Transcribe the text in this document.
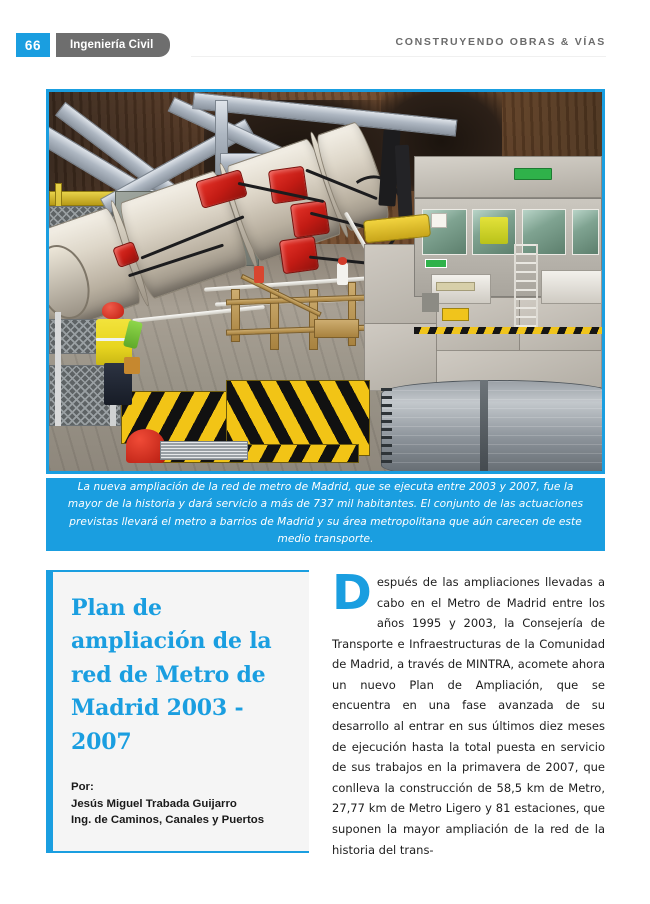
66	Ingeniería Civil	CONSTRUYENDO OBRAS & VÍAS

La nueva ampliación de la red de metro de Madrid, que se ejecuta entre 2003 y 2007, fue la mayor de la historia y dará servicio a más de 737 mil habitantes. El conjunto de las actuaciones previstas llevará el metro a barrios de Madrid y su área metropolitana que aún carecen de este medio transporte.

Plan de ampliación de la red de Metro de Madrid 2003 - 2007
Por:
Jesús Miguel Trabada Guijarro
Ing. de Caminos, Canales y Puertos
Después de las ampliaciones llevadas a cabo en el Metro de Madrid entre los años 1995 y 2003, la Consejería de Transporte e Infraestructuras de la Comunidad de Madrid, a través de MINTRA, acomete ahora un nuevo Plan de Ampliación, que se encuentra en una fase avanzada de su desarrollo al entrar en sus últimos diez meses de ejecución hasta la total puesta en servicio de sus trabajos en la primavera de 2007, que conlleva la construcción de 58,5 km de Metro, 27,77 km de Metro Ligero y 81 estaciones, que suponen la mayor ampliación de la red de la historia del trans-
